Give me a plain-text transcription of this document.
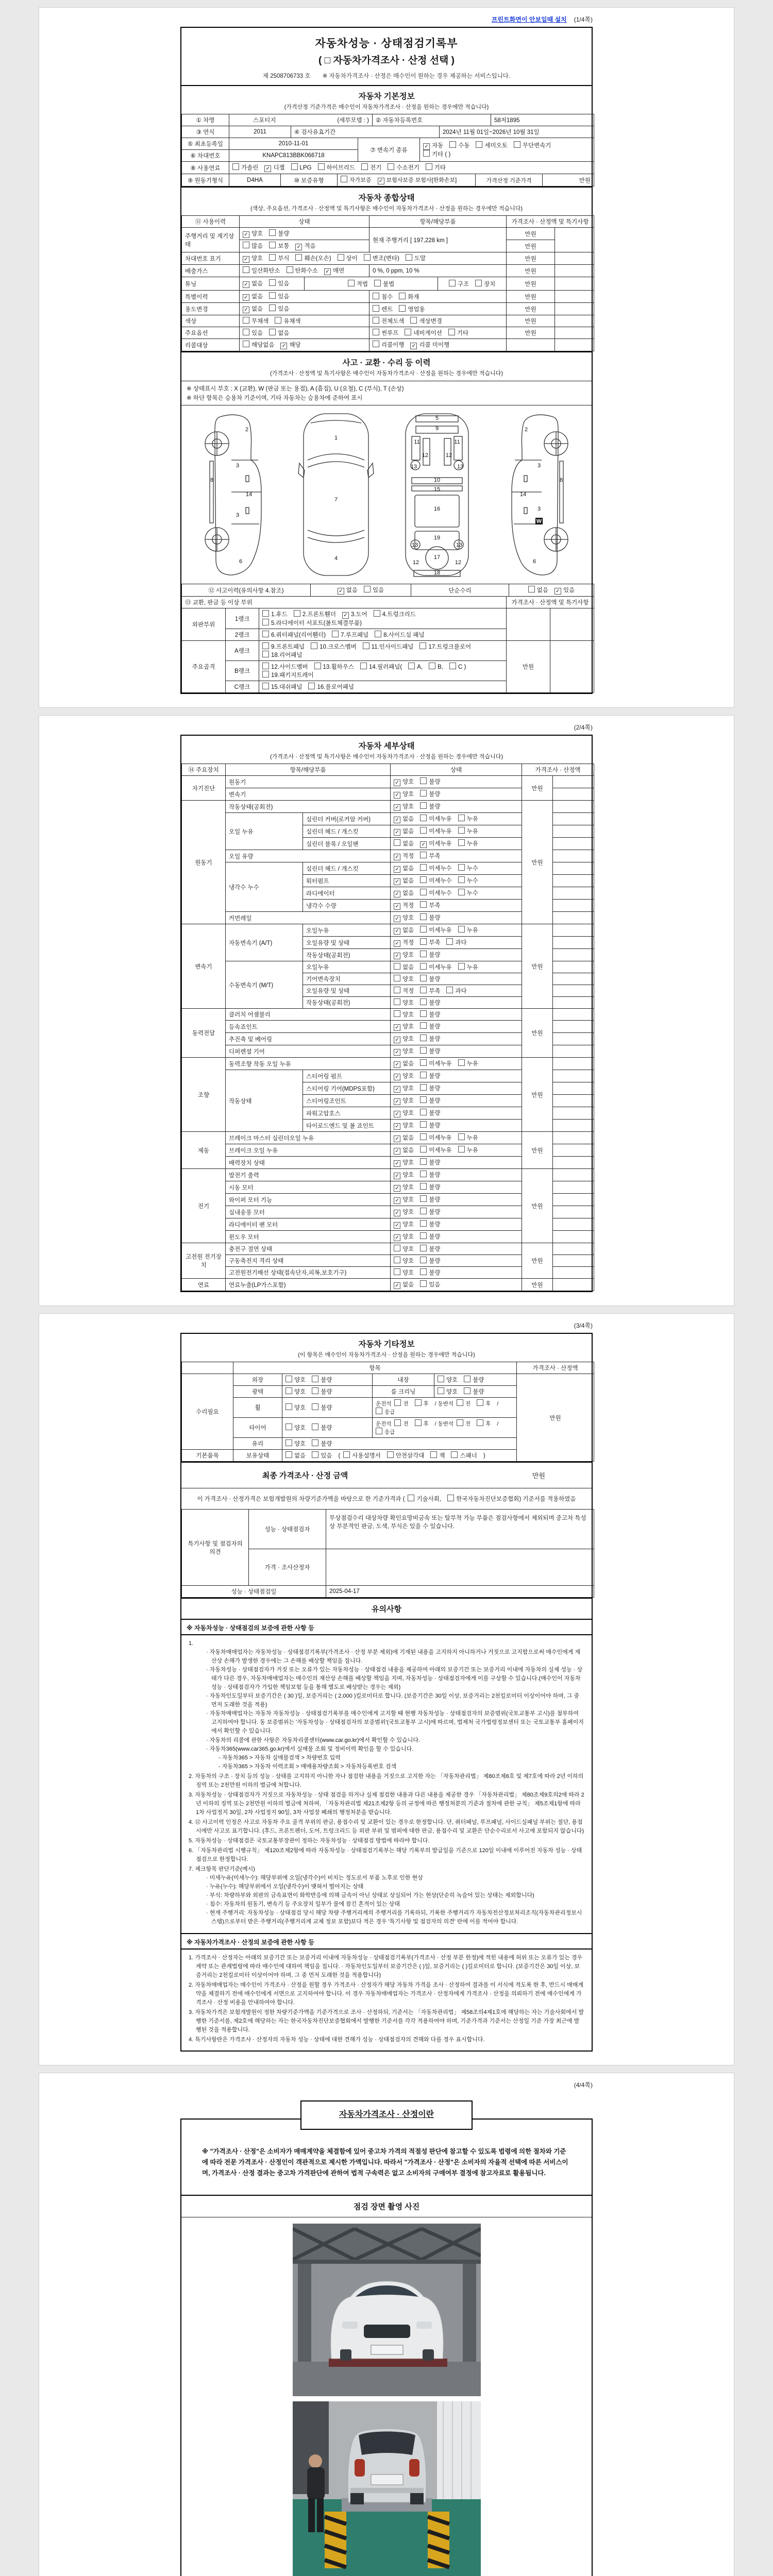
프린트화면이 안보일때 설치 (1/4쪽)
자동차성능 · 상태점검기록부
( □ 자동차가격조사 · 산정 선택 )
제 2508706733 호 ※ 자동차가격조사 · 산정은 매수인이 원하는 경우 제공하는 서비스입니다.
자동차 기본정보
(가격산정 기준가격은 매수인이 자동차가격조사 · 산정을 원하는 경우에만 적습니다)
① 차명	스포티지	(세부모델 : )	② 자동차등록번호	58저1895
③ 연식	2011	④ 검사유효기간	2024년 11월 01일~2026년 10월 31일
⑤ 최초등록일	2010-11-01	⑦ 변속기 종류	
✓자동 수동 세미오토 무단변속기
기타 ( )

⑥ 차대번호	KNAPC813BBK066718		
⑧ 사용연료	가솔린 ✓	디젤	LPG	하이브리드	전기	수소전기	기타
⑨ 원동기형식	D4HA	⑩ 보증유형	자가보증 ✓	보험사보증 보험사[한화손보]	가격산정 기준가격	만원
자동차 종합상태
(색상, 주요옵션, 가격조사 · 산정액 및 특기사항은 매수인이 자동차가격조사 · 산정을 원하는 경우에만 적습니다)
⑪ 사용이력	상태		항목/해당부품		가격조사 · 산정액 및 특기사항	
주행거리 및 계기상태	✓양호 불량		현재 주행거리 [ 197,228 km ]		만원	
	많음 보통 ✓ 적음				만원	
차대번호 표기	✓양호 부식 훼손(오손) 상이 변조(변타) 도말				만원	
배출가스	일산화탄소 탄화수소 ✓ 매연		0 %, 0 ppm, 10 %		만원	
튜닝	✓없음 있음	적법 불법		구조 장치	만원	
특별이력	✓없음 있음		침수 화재		만원	
용도변경	✓없음 있음		렌트 영업용		만원	
색상	무채색 유채색		전체도색 색상변경		만원	
주요옵션	있음 없음		썬루프 네비게이션 기타		만원	
리콜대상	해당없음 ✓ 해당		리콜이행 ✓ 리콜 미이행		
사고 · 교환 · 수리 등 이력
(가격조사 · 산정액 및 특기사항은 매수인이 자동차가격조사 · 산정을 원하는 경우에만 적습니다)
※ 상태표시 부호 : X (교환), W (판금 또는 용접), A (흠집), U (요철), C (부식), T (손상)
※ 하단 항목은 승용차 기준이며, 기타 자동차는 승용차에 준하여 표시
2
3
8
14
3
6
1
7
4
5
9
11	11
12	12
13	13
10
15
16
19
13	13
17
12	12
18
2
3
8
14
3
W
6
⑫ 사고이력(유의사항 4.참조)	✓없음	있음	단순수리	없음 ✓	있음
⑬ 교환, 판금 등 이상 부위	가격조사 · 산정액 및 특기사항
외판부위	1랭크	1.후드 2.프론트휀더 ✓ 3.도어 4.트렁크리드5.라디에이터 서포트(볼트체결부품)		
	2랭크	6.쿼터패널(리어휀더) 7.루프패널 8.사이드실 패널		
주요골격	A랭크	9.프론트패널 10.크로스멤버 11.인사이드패널 17.트렁크플로어18.리어패널	만원	
	B랭크	12.사이드멤버 13.휠하우스 14.필러패널( A, B, C )19.패키지트레이		
	C랭크	15.대쉬패널 16.플로어패널		
(2/4쪽)
자동차 세부상태
(가격조사 · 산정액 및 특기사항은 매수인이 자동차가격조사 · 산정을 원하는 경우에만 적습니다)
⑭ 주요장치	항목/해당부품		상태	가격조사 · 산정액	
자기진단	원동기	✓양호 불량	만원	
	변속기	✓양호 불량	
원동기	작동상태(공회전)	✓양호 불량	만원	
	오일 누유	실린더 커버(로커암 커버)	✓없음 미세누유 누유	
		실린더 헤드 / 개스킷	✓없음 미세누유 누유	
		실린더 블록 / 오일팬	없음 ✓ 미세누유 누유	
	오일 유량	✓적정 부족	
	냉각수 누수	실린더 헤드 / 개스킷	✓없음 미세누수 누수	
		워터펌프	✓없음 미세누수 누수	
		라디에이터	✓없음 미세누수 누수	
		냉각수 수량	✓적정 부족	
	커먼레일	✓양호 불량	
변속기	자동변속기 (A/T)	오일누유	✓없음 미세누유 누유	만원	
		오일유량 및 상태	✓적정 부족 과다	
		작동상태(공회전)	✓양호 불량	
	수동변속기 (M/T)	오일누유	없음 미세누유 누유		
		기어변속장치	양호 불량		
		오일유량 및 상태	적정 부족 과다		
		작동상태(공회전)	양호 불량		
동력전달	클러치 어셈블리		양호 불량	만원	
	등속죠인트	✓양호 불량	
	추진축 및 베어링	✓양호 불량	
	디퍼렌셜 기어	✓양호 불량	
조향	동력조향 작동 오일 누유	✓없음 미세누유 누유	만원	
	작동상태	스티어링 펌프	✓양호 불량	
		스티어링 기어(MDPS포함)	✓양호 불량	
		스티어링조인트	✓양호 불량	
		파워고압호스	✓양호 불량	
		타이로드엔드 및 볼 죠인트	✓양호 불량	
제동	브레이크 마스터 실린더오일 누유	✓없음 미세누유 누유	만원	
	브레이크 오일 누유	✓없음 미세누유 누유	
	배력장치 상태	✓양호 불량	
전기	발전기 출력	✓양호 불량	만원	
	시동 모터	✓양호 불량	
	와이퍼 모터 기능	✓양호 불량	
	실내송풍 모터	✓양호 불량	
	라디에이터 팬 모터	✓양호 불량	
	윈도우 모터	✓양호 불량	
고전원 전기장치	충전구 절연 상태		양호 불량	만원	
	구동축전지 격리 상태		양호 불량		
	고전원전기배선 상태(접속단자,피복,보호기구)		양호 불량		
연료	연료누출(LP가스포함)	✓없음 있음	만원	
(3/4쪽)
자동차 기타정보
(이 항목은 매수인이 자동차가격조사 · 산정을 원하는 경우에만 적습니다)
	항목				가격조사 · 산정액
수리필요	외장	양호 불량	내장	양호 불량	만원
	광택	양호 불량	룸 크리닝	양호 불량	
	휠	양호 불량	운전석 전 후 / 동반석 전 후 /응급		
	타이어	양호 불량	운전석 전 후 / 동반석 전 후 /응급		
	유리	양호 불량			
기본품목	보유상태	없음 있음 ( 사용설명서 안전삼각대 잭 스패너 )			
최종 가격조사 · 산정 금액	만원
이 가격조사 · 산정가격은 보험개발원의 차량기준가액을 바탕으로 한 기준가격과 ( 기술사회,	한국자동차진단보증협회) 기준서를 적용하였음
특기사항 및 점검자의 의견	성능 · 상태점검자	무상점검수리 대상차량 확인요망비금속 또는 탈부착 가능 부품은 점검사항에서 제외되며 중고차 특성상 부분적인 판금, 도색, 부식은 있을 수 있습니다.
	가격 · 조사산정자	
성능 · 상태점검일		2025-04-17
유의사항
※ 자동차성능 · 상태점검의 보증에 관한 사항 등
1.
· 자동차매매업자는 자동차성능 · 상태점검기록부(가격조사 · 산정 부분 제외)에 기재된 내용을 고지하지 아니하거나 거짓으로 고지함으로써 매수인에게 재산상 손해가 발생한 경우에는 그 손해를 배상할 책임을 집니다.
· 자동차성능 · 상태점검자가 거짓 또는 오류가 있는 자동차성능 · 상태점검 내용을 제공하여 아래의 보증기간 또는 보증거리 이내에 자동차의 실제 성능 · 상태가 다른 경우, 자동차매매업자는 매수인의 재산상 손해를 배상할 책임을 지며, 자동차성능 · 상태점검자에게 이를 구상할 수 있습니다.(매수인이 자동차성능 · 상태점검자가 가입한 책임보험 등을 통해 별도로 배상받는 경우는 제외)
· 자동차인도일부터 보증기간은 ( 30 )일, 보증거리는 ( 2,000 )킬로미터로 합니다. (보증기간은 30일 이상, 보증거리는 2천킬로미터 이상이어야 하며, 그 중 먼저 도래한 것을 적용)
· 자동차매매업자는 자동차 자동차성능 · 상태점검기록부를 매수인에게 고지할 때 현행 자동차성능 · 상태점검자의 보증범위(국토교통부 고시)를 첨부하여 고지하여야 합니다. 동 보증범위는 '자동차성능 · 상태점검자의 보증범위'(국토교통부 고시)에 따르며, 법제처 국가법령정보센터 또는 국토교통부 홈페이지에서 확인할 수 있습니다.
· 자동차의 리콜에 관한 사항은 자동차리콜센터(www.car.go.kr)에서 확인할 수 있습니다.
· 자동차365(www.car365.go.kr)에서 실매물 조회 및 정비이력 확인을 할 수 있습니다.
- 자동차365 > 자동차 실매물검색 > 차량번호 입력
- 자동차365 > 자동차 이력조회 > 매매용차량조회 > 자동차등록번호 검색
2. 자동차의 구조 · 장치 등의 성능 · 상태를 고지하지 아니한 자나 점검한 내용을 거짓으로 고지한 자는 「자동차관리법」 제80조제6호 및 제7호에 따라 2년 이하의 징역 또는 2천만원 이하의 벌금에 처합니다.
3. 자동차성능 · 상태점검자가 거짓으로 자동차성능 · 상태 점검을 하거나 실제 점검한 내용과 다른 내용을 제공한 경우 「자동차관리법」 제80조제9호의2에 따라 2년 이하의 징역 또는 2천만원 이하의 벌금에 처하며, 「자동차관리법 제21조제2항 등의 규정에 따른 행정처분의 기준과 절차에 관한 규칙」 제5조제1항에 따라 1차 사업정지 30일, 2차 사업정지 90일, 3차 사업장 폐쇄의 행정처분을 받습니다.
4. ⑫ 사고이력 인정은 사고로 자동차 주요 골격 부위의 판금, 용접수리 및 교환이 있는 경우로 한정합니다. 단, 쿼터패널, 루프패널, 사이드실패널 부위는 절단, 용접 시에만 사고로 표기합니다. (후드, 프론트펜더, 도어, 트렁크리드 등 외판 부위 및 범퍼에 대한 판금, 용접수리 및 교환은 단순수리로서 사고에 포함되지 않습니다)
5. 자동차성능 · 상태점검은 국토교통부장관이 정하는 자동차성능 · 상태점검 방법에 따라야 합니다.
6. 「자동차관리법 시행규칙」 제120조제2항에 따라 자동차성능 · 상태점검기록부는 해당 기록부의 발급일을 기준으로 120일 이내에 이루어진 자동차 성능 · 상태점검으로 한정합니다.
7. 체크항목 판단기준(예시)
· 미세누유(미세누수): 해당부위에 오일(냉각수)이 비치는 정도로서 부품 노후로 인한 현상
· 누유(누수): 해당부위에서 오일(냉각수)이 맺혀서 떨어지는 상태
· 부식: 차량하부와 외판의 금속표면이 화학반응에 의해 금속이 아닌 상태로 상실되어 가는 현상(단순히 녹슬어 있는 상태는 제외합니다)
· 침수: 자동차의 원동기, 변속기 등 주요장치 일부가 물에 잠긴 흔적이 있는 상태
· 현재 주행거리: 자동차성능 · 상태점검 당시 해당 차량 주행거리계의 주행거리를 기록하되, 기록한 주행거리가 자동차전산정보처리조직(자동차관리정보시스템)으로부터 받은 주행거리(주행거리계 교체 정보 포함)보다 적은 경우 '특기사항 및 점검자의 의견' 란에 이를 적어야 합니다.
※ 자동차가격조사 · 산정의 보증에 관한 사항 등
1. 가격조사 · 산정자는 아래의 보증기간 또는 보증거리 이내에 자동차성능 · 상태점검기록부(가격조사 · 산정 부분 한정)에 적힌 내용에 허위 또는 오류가 있는 경우 계약 또는 관계법령에 따라 매수인에 대하여 책임을 집니다. · 자동차인도일부터 보증기간은 ( )일, 보증거리는 ( )킬로미터로 합니다. (보증기간은 30일 이상, 보증거리는 2천킬로미터 이상이어야 하며, 그 중 먼저 도래한 것을 적용합니다)
2. 자동차매매업자는 매수인이 가격조사 · 산정을 원할 경우 가격조사 · 산정자가 해당 자동차 가격을 조사 · 산정하여 결과를 이 서식에 적도록 한 후, 반드시 매매계약을 체결하기 전에 매수인에게 서면으로 고지하여야 합니다. 이 경우 자동차매매업자는 가격조사 · 산정자에게 가격조사 · 산정을 의뢰하기 전에 매수인에게 가격조사 · 산정 비용을 안내하여야 합니다.
3. 자동차가격은 보험개발원이 정한 차량기준가액을 기준가격으로 조사 · 산정하되, 기준서는 「자동차관리법」 제58조의4제1호에 해당하는 자는 기술사회에서 발행한 기준서를, 제2호에 해당하는 자는 한국자동차진단보증협회에서 발행한 기준서를 각각 적용하여야 하며, 기준가격과 기준서는 산정일 기준 가장 최근에 발행된 것을 적용합니다.
4. 특기사항란은 가격조사 · 산정자의 자동차 성능 · 상태에 대한 견해가 성능 · 상태점검자의 견해와 다를 경우 표시합니다.
(4/4쪽)
자동차가격조사 · 산정이란
※ "가격조사 · 산정"은 소비자가 매매계약을 체결함에 있어 중고차 가격의 적절성 판단에 참고할 수 있도록 법령에 의한 절차와 기준에 따라 전문 가격조사 · 산정인이 객관적으로 제시한 가액입니다. 따라서 "가격조사 · 산정"은 소비자의 자율적 선택에 따른 서비스이며, 가격조사 · 산정 결과는 중고차 가격판단에 관하여 법적 구속력은 없고 소비자의 구매여부 결정에 참고자료로 활용됩니다.
점검 장면 촬영 사진
